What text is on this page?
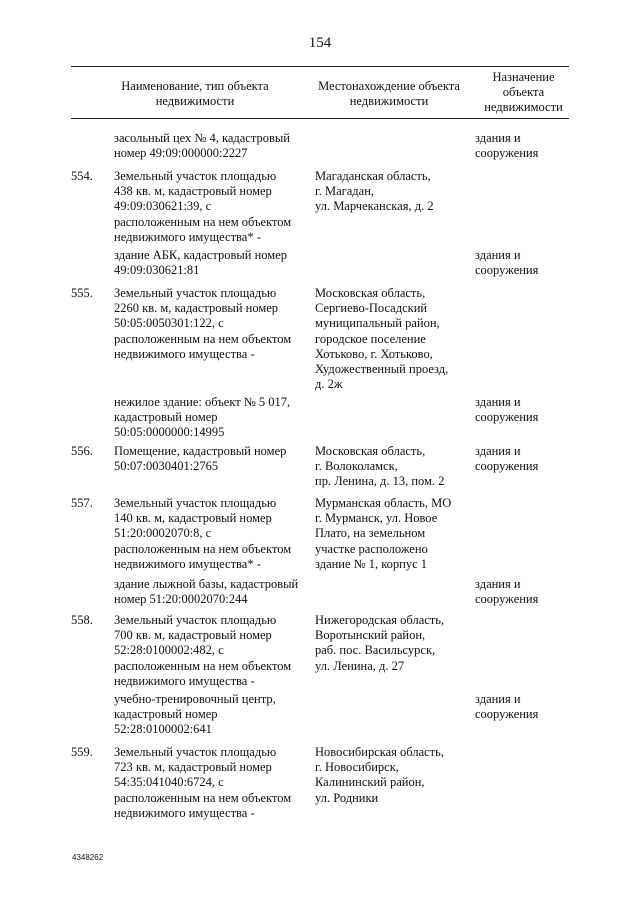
154
Наименование, тип объекта недвижимости
Местонахождение объекта недвижимости
Назначение объекта недвижимости
засольный цех № 4, кадастровый
номер 49:09:000000:2227
здания и
сооружения
554. Земельный участок площадью
438 кв. м, кадастровый номер
49:09:030621:39, с
расположенным на нем объектом
недвижимого имущества* -
Магаданская область,
г. Магадан,
ул. Марчеканская, д. 2
здание АБК, кадастровый номер
49:09:030621:81
здания и
сооружения
555. Земельный участок площадью
2260 кв. м, кадастровый номер
50:05:0050301:122, с
расположенным на нем объектом
недвижимого имущества -
Московская область,
Сергиево-Посадский
муниципальный район,
городское поселение
Хотьково, г. Хотьково,
Художественный проезд,
д. 2ж
нежилое здание: объект № 5 017,
кадастровый номер
50:05:0000000:14995
здания и
сооружения
556. Помещение, кадастровый номер
50:07:0030401:2765
Московская область,
г. Волоколамск,
пр. Ленина, д. 13, пом. 2
здания и
сооружения
557. Земельный участок площадью
140 кв. м, кадастровый номер
51:20:0002070:8, с
расположенным на нем объектом
недвижимого имущества* -
Мурманская область, МО
г. Мурманск, ул. Новое
Плато, на земельном
участке расположено
здание № 1, корпус 1
здание лыжной базы, кадастровый
номер 51:20:0002070:244
здания и
сооружения
558. Земельный участок площадью
700 кв. м, кадастровый номер
52:28:0100002:482, с
расположенным на нем объектом
недвижимого имущества -
Нижегородская область,
Воротынский район,
раб. пос. Васильсурск,
ул. Ленина, д. 27
учебно-тренировочный центр,
кадастровый номер
52:28:0100002:641
здания и
сооружения
559. Земельный участок площадью
723 кв. м, кадастровый номер
54:35:041040:6724, с
расположенным на нем объектом
недвижимого имущества -
Новосибирская область,
г. Новосибирск,
Калининский район,
ул. Родники
4348262
